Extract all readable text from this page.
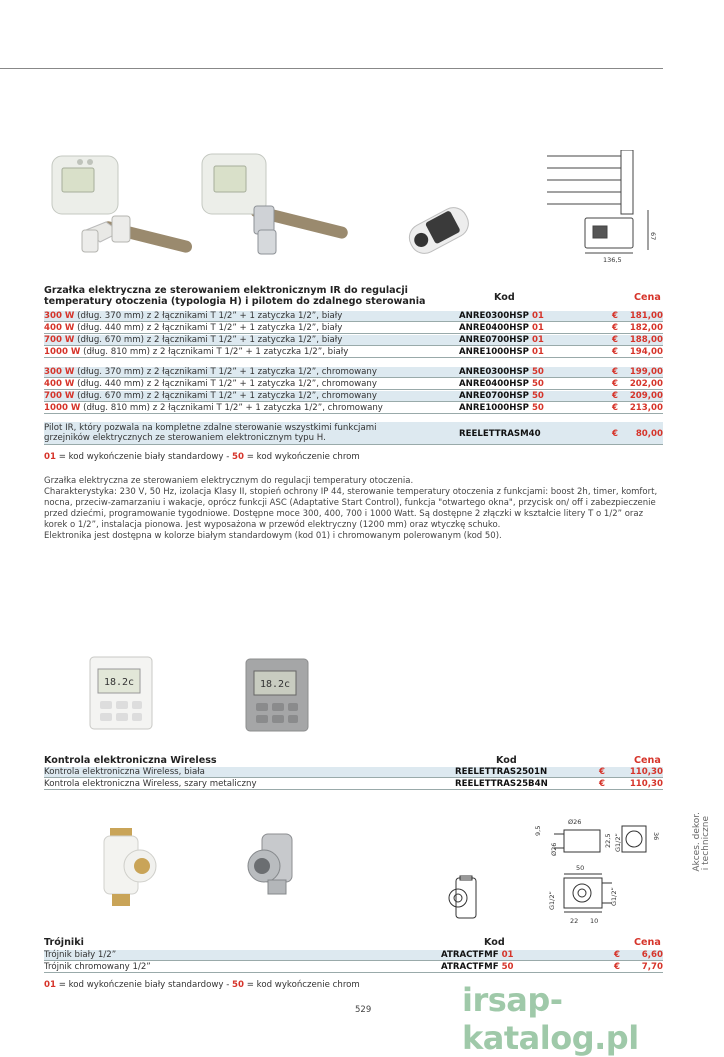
67
136,5
Grzałka elektryczna ze sterowaniem elektronicznym IR do regulacji
temperatury otoczenia (typologia H) i pilotem do zdalnego sterowania	Kod	Cena
300 W (dług. 370 mm) z 2 łącznikami T 1/2” + 1 zatyczka 1/2”, biały	ANRE0300HSP 01	€ 181,00
400 W (dług. 440 mm) z 2 łącznikami T 1/2” + 1 zatyczka 1/2”, biały	ANRE0400HSP 01	€ 182,00
700 W (dług. 670 mm) z 2 łącznikami T 1/2” + 1 zatyczka 1/2”, biały	ANRE0700HSP 01	€ 188,00
1000 W (dług. 810 mm) z 2 łącznikami T 1/2” + 1 zatyczka 1/2”, biały	ANRE1000HSP 01	€ 194,00
300 W (dług. 370 mm) z 2 łącznikami T 1/2” + 1 zatyczka 1/2”, chromowany	ANRE0300HSP 50	€ 199,00
400 W (dług. 440 mm) z 2 łącznikami T 1/2” + 1 zatyczka 1/2”, chromowany	ANRE0400HSP 50	€ 202,00
700 W (dług. 670 mm) z 2 łącznikami T 1/2” + 1 zatyczka 1/2”, chromowany	ANRE0700HSP 50	€ 209,00
1000 W (dług. 810 mm) z 2 łącznikami T 1/2” + 1 zatyczka 1/2”, chromowany	ANRE1000HSP 50	€ 213,00
Pilot IR, który pozwala na kompletne zdalne sterowanie wszystkimi funkcjami
grzejników elektrycznych ze sterowaniem elektronicznym typu H.	REELETTRASM40	€ 80,00
01 = kod wykończenie biały standardowy - 50 = kod wykończenie chrom

Grzałka elektryczna ze sterowaniem elektrycznym do regulacji temperatury otoczenia.

Charakterystyka: 230 V, 50 Hz, izolacja Klasy II, stopień ochrony IP 44, sterowanie temperatury otoczenia z funkcjami: boost 2h, timer, komfort, nocna, przeciw-zamarzaniu i wakacje, oprócz funkcji ASC (Adaptative Start Control), funkcja "otwartego okna", przycisk on/ off i zabezpieczenie przed dziećmi, programowanie tygodniowe. Dostępne moce 300, 400, 700 i 1000 Watt. Są dostępne 2 złączki w kształcie litery T o 1/2” oraz korek o 1/2”, instalacja pionowa. Jest wyposażona w przewód elektryczny (1200 mm) oraz wtyczkę schuko.

Elektronika jest dostępna w kolorze białym standardowym (kod 01) i chromowanym polerowanym (kod 50).

18.2c	18.2c
Kontrola elektroniczna Wireless	Kod	Cena
Kontrola elektroniczna Wireless, biała	REELETTRAS2501N	€	110,30
Kontrola elektroniczna Wireless, szary metaliczny	REELETTRAS25B4N	€	110,30
Ø26
9,5
Ø26
22,5 G1/2”	36
50
G1/2”	G1/2”
22 10
Trójniki	Kod	Cena
Trójnik biały 1/2”	ATRACTFMF 01	€	6,60
Trójnik chromowany 1/2”	ATRACTFMF 50	€	7,70
01 = kod wykończenie biały standardowy - 50 = kod wykończenie chrom
Akces. dekor. i techniczne
529	irsap-katalog.pl
